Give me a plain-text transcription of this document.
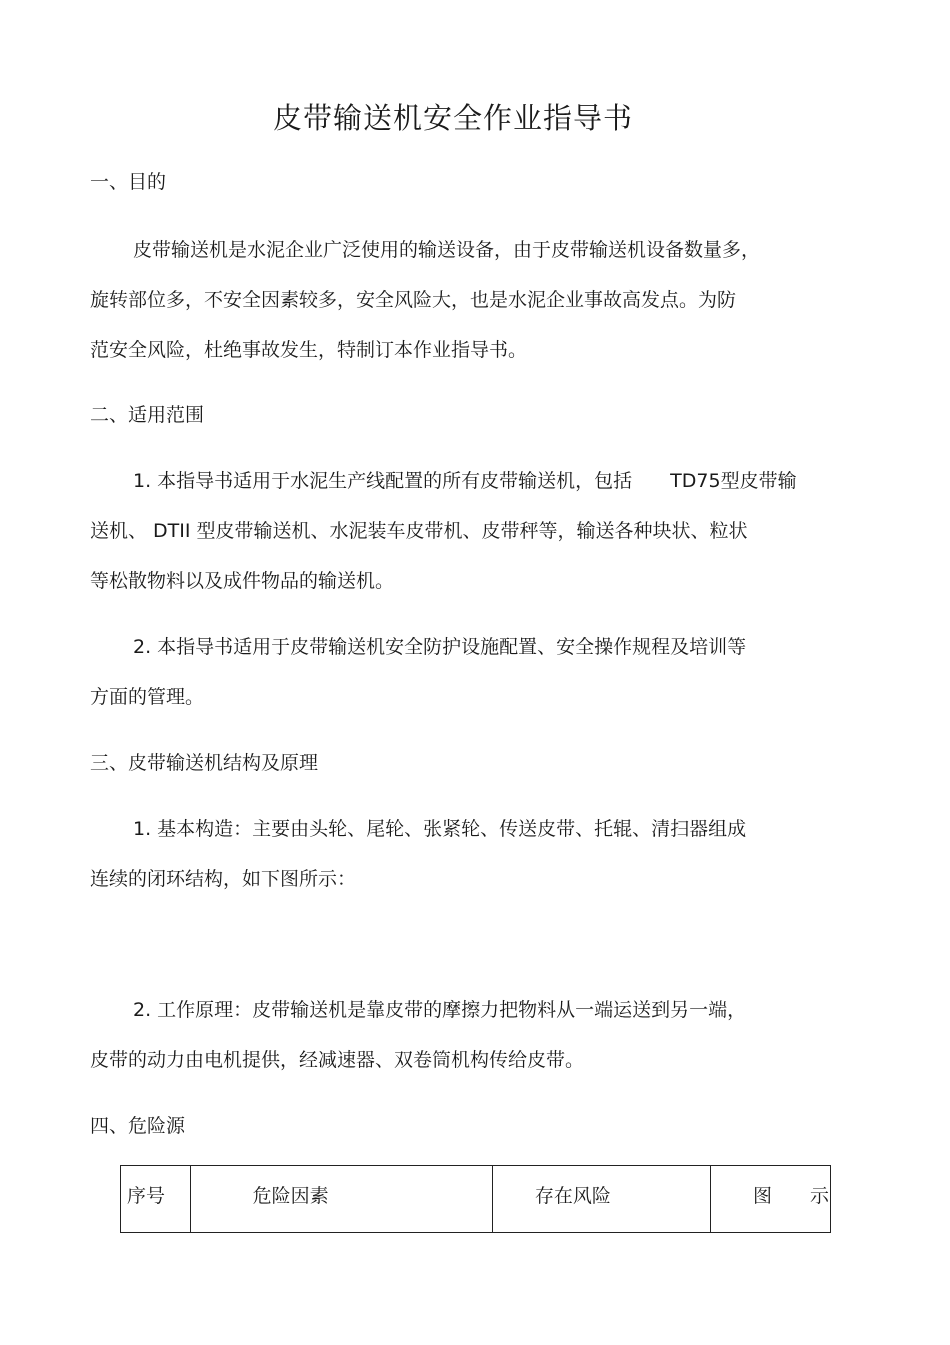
皮带输送机安全作业指导书
一、目的
皮带输送机是水泥企业广泛使用的输送设备，由于皮带输送机设备数量多，
旋转部位多，不安全因素较多，安全风险大，也是水泥企业事故高发点。为防
范安全风险，杜绝事故发生，特制订本作业指导书。
二、适用范围
1. 本指导书适用于水泥生产线配置的所有皮带输送机，包括　　TD75型皮带输
送机、 DTII 型皮带输送机、水泥装车皮带机、皮带秤等，输送各种块状、粒状
等松散物料以及成件物品的输送机。
2. 本指导书适用于皮带输送机安全防护设施配置、安全操作规程及培训等
方面的管理。
三、皮带输送机结构及原理
1. 基本构造：主要由头轮、尾轮、张紧轮、传送皮带、托辊、清扫器组成
连续的闭环结构，如下图所示：
2. 工作原理：皮带输送机是靠皮带的摩擦力把物料从一端运送到另一端，
皮带的动力由电机提供，经减速器、双卷筒机构传给皮带。
四、危险源
序号	危险因素	存在风险	图　　示
